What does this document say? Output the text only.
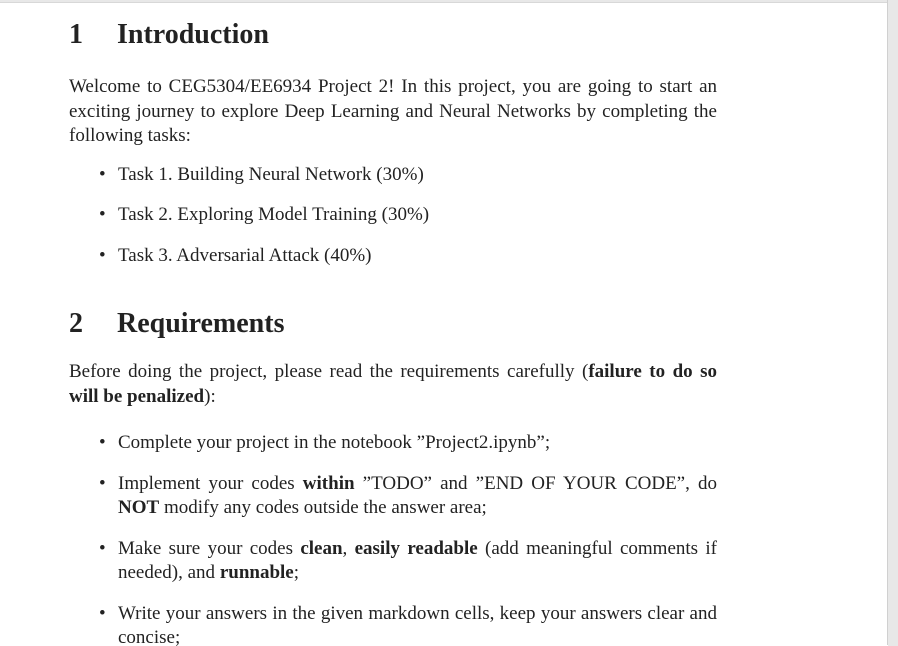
1 Introduction

Welcome to CEG5304/EE6934 Project 2! In this project, you are going to start an exciting journey to explore Deep Learning and Neural Networks by completing the following tasks:

• Task 1. Building Neural Network (30%)
• Task 2. Exploring Model Training (30%)
• Task 3. Adversarial Attack (40%)
2 Requirements

Before doing the project, please read the requirements carefully (failure to do so will be penalized):

• Complete your project in the notebook ”Project2.ipynb”;
• Implement your codes within ”TODO” and ”END OF YOUR CODE”, do NOT modify any codes outside the answer area;
• Make sure your codes clean, easily readable (add meaningful comments if needed), and runnable;
• Write your answers in the given markdown cells, keep your answers clear and concise;
